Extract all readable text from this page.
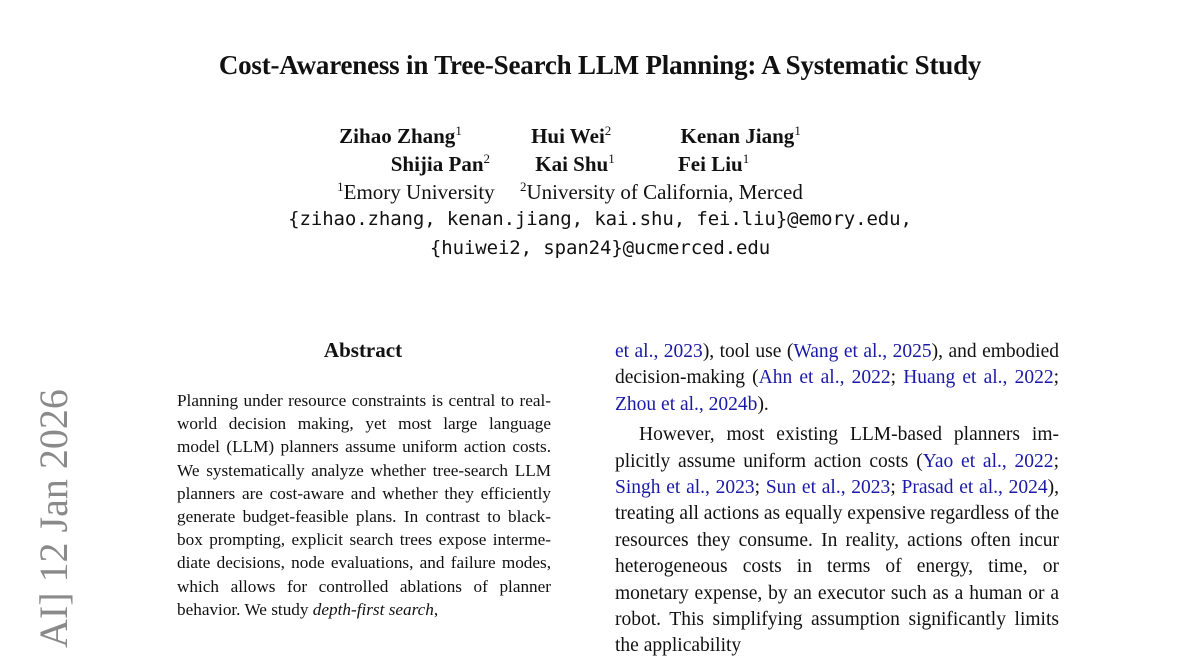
Cost-Awareness in Tree-Search LLM Planning: A Systematic Study
Zihao Zhang$^1$	Hui Wei$^2$	Kenan Jiang$^1$
Shijia Pan$^2$ Kai Shu$^1$	Fei Liu$^1$
$^1$Emory University $^2$University of California, Merced
{zihao.zhang, kenan.jiang, kai.shu, fei.liu}@emory.edu,
{huiwei2, span24}@ucmerced.edu
AI] 12 Jan 2026
Abstract
Planning under resource constraints is central to real-world decision making, yet most large language model (LLM) planners assume uniform action costs. We systematically analyze whether tree-search LLM planners are cost-aware and whether they efficiently generate budget-feasible plans. In contrast to black-box prompting, explicit search trees expose intermediate decisions, node evaluations, and failure modes, which allows for controlled ablations of planner behavior. We study depth-first search,

et al., 2023), tool use (Wang et al., 2025), and embodied decision-making (Ahn et al., 2022; Huang et al., 2022; Zhou et al., 2024b).

However, most existing LLM-based planners implicitly assume uniform action costs (Yao et al., 2022; Singh et al., 2023; Sun et al., 2023; Prasad et al., 2024), treating all actions as equally expensive regardless of the resources they consume. In reality, actions often incur heterogeneous costs in terms of energy, time, or monetary expense, by an executor such as a human or a robot. This simplifying assumption significantly limits the applicability
